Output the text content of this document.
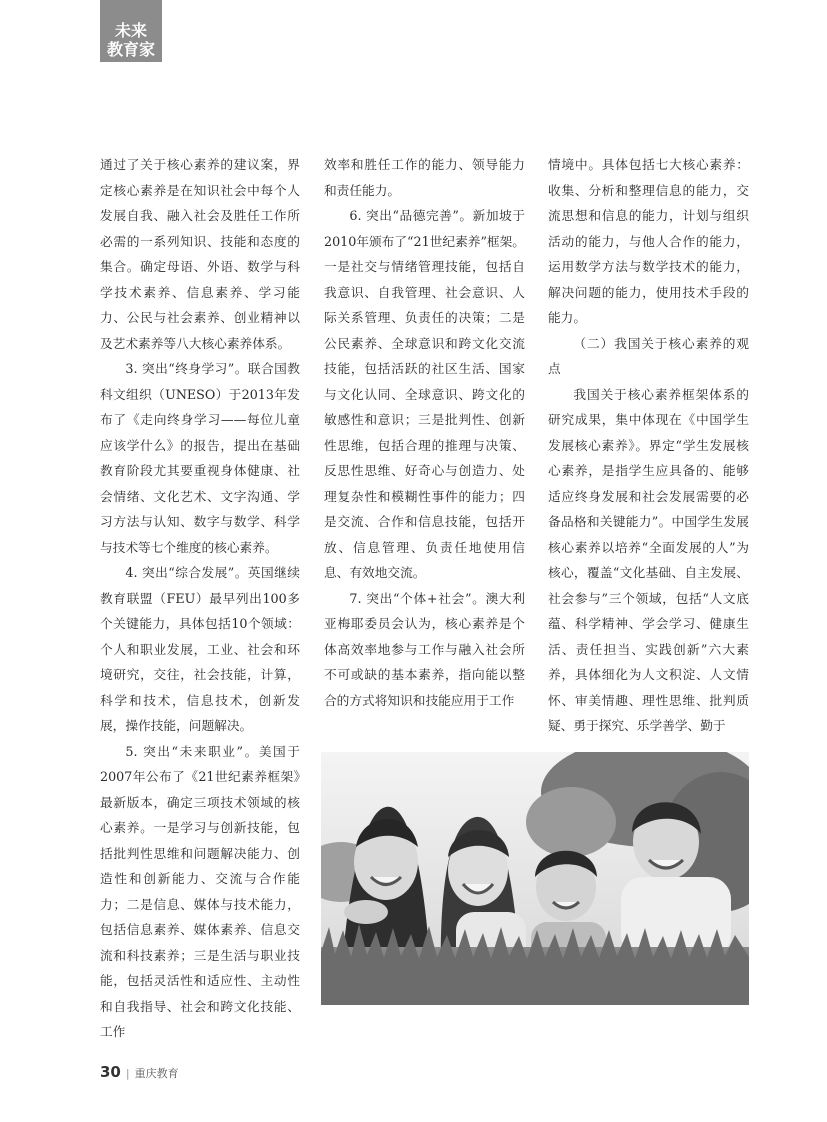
未来
教育家

通过了关于核心素养的建议案，界定核心素养是在知识社会中每个人发展自我、融入社会及胜任工作所必需的一系列知识、技能和态度的集合。确定母语、外语、数学与科学技术素养、信息素养、学习能力、公民与社会素养、创业精神以及艺术素养等八大核心素养体系。

3. 突出“终身学习”。联合国教科文组织（UNESO）于2013年发布了《走向终身学习——每位儿童应该学什么》的报告，提出在基础教育阶段尤其要重视身体健康、社会情绪、文化艺术、文字沟通、学习方法与认知、数字与数学、科学与技术等七个维度的核心素养。

4. 突出“综合发展”。英国继续教育联盟（FEU）最早列出100多个关键能力，具体包括10个领域：个人和职业发展，工业、社会和环境研究，交往，社会技能，计算，科学和技术，信息技术，创新发展，操作技能，问题解决。

5. 突出“未来职业”。美国于2007年公布了《21世纪素养框架》最新版本，确定三项技术领域的核心素养。一是学习与创新技能，包括批判性思维和问题解决能力、创造性和创新能力、交流与合作能力；二是信息、媒体与技术能力，包括信息素养、媒体素养、信息交流和科技素养；三是生活与职业技能，包括灵活性和适应性、主动性和自我指导、社会和跨文化技能、工作

效率和胜任工作的能力、领导能力和责任能力。

6. 突出“品德完善”。新加坡于2010年颁布了“21世纪素养”框架。一是社交与情绪管理技能，包括自我意识、自我管理、社会意识、人际关系管理、负责任的决策；二是公民素养、全球意识和跨文化交流技能，包括活跃的社区生活、国家与文化认同、全球意识、跨文化的敏感性和意识；三是批判性、创新性思维，包括合理的推理与决策、反思性思维、好奇心与创造力、处理复杂性和模糊性事件的能力；四是交流、合作和信息技能，包括开放、信息管理、负责任地使用信息、有效地交流。

7. 突出“个体+社会”。澳大利亚梅耶委员会认为，核心素养是个体高效率地参与工作与融入社会所不可或缺的基本素养，指向能以整合的方式将知识和技能应用于工作

情境中。具体包括七大核心素养：收集、分析和整理信息的能力，交流思想和信息的能力，计划与组织活动的能力，与他人合作的能力，运用数学方法与数学技术的能力，解决问题的能力，使用技术手段的能力。

（二）我国关于核心素养的观点

我国关于核心素养框架体系的研究成果，集中体现在《中国学生发展核心素养》。界定“学生发展核心素养，是指学生应具备的、能够适应终身发展和社会发展需要的必备品格和关键能力”。中国学生发展核心素养以培养“全面发展的人”为核心，覆盖“文化基础、自主发展、社会参与”三个领域，包括“人文底蕴、科学精神、学会学习、健康生活、责任担当、实践创新”六大素养，具体细化为人文积淀、人文情怀、审美情趣、理性思维、批判质疑、勇于探究、乐学善学、勤于

30 | 重庆教育
